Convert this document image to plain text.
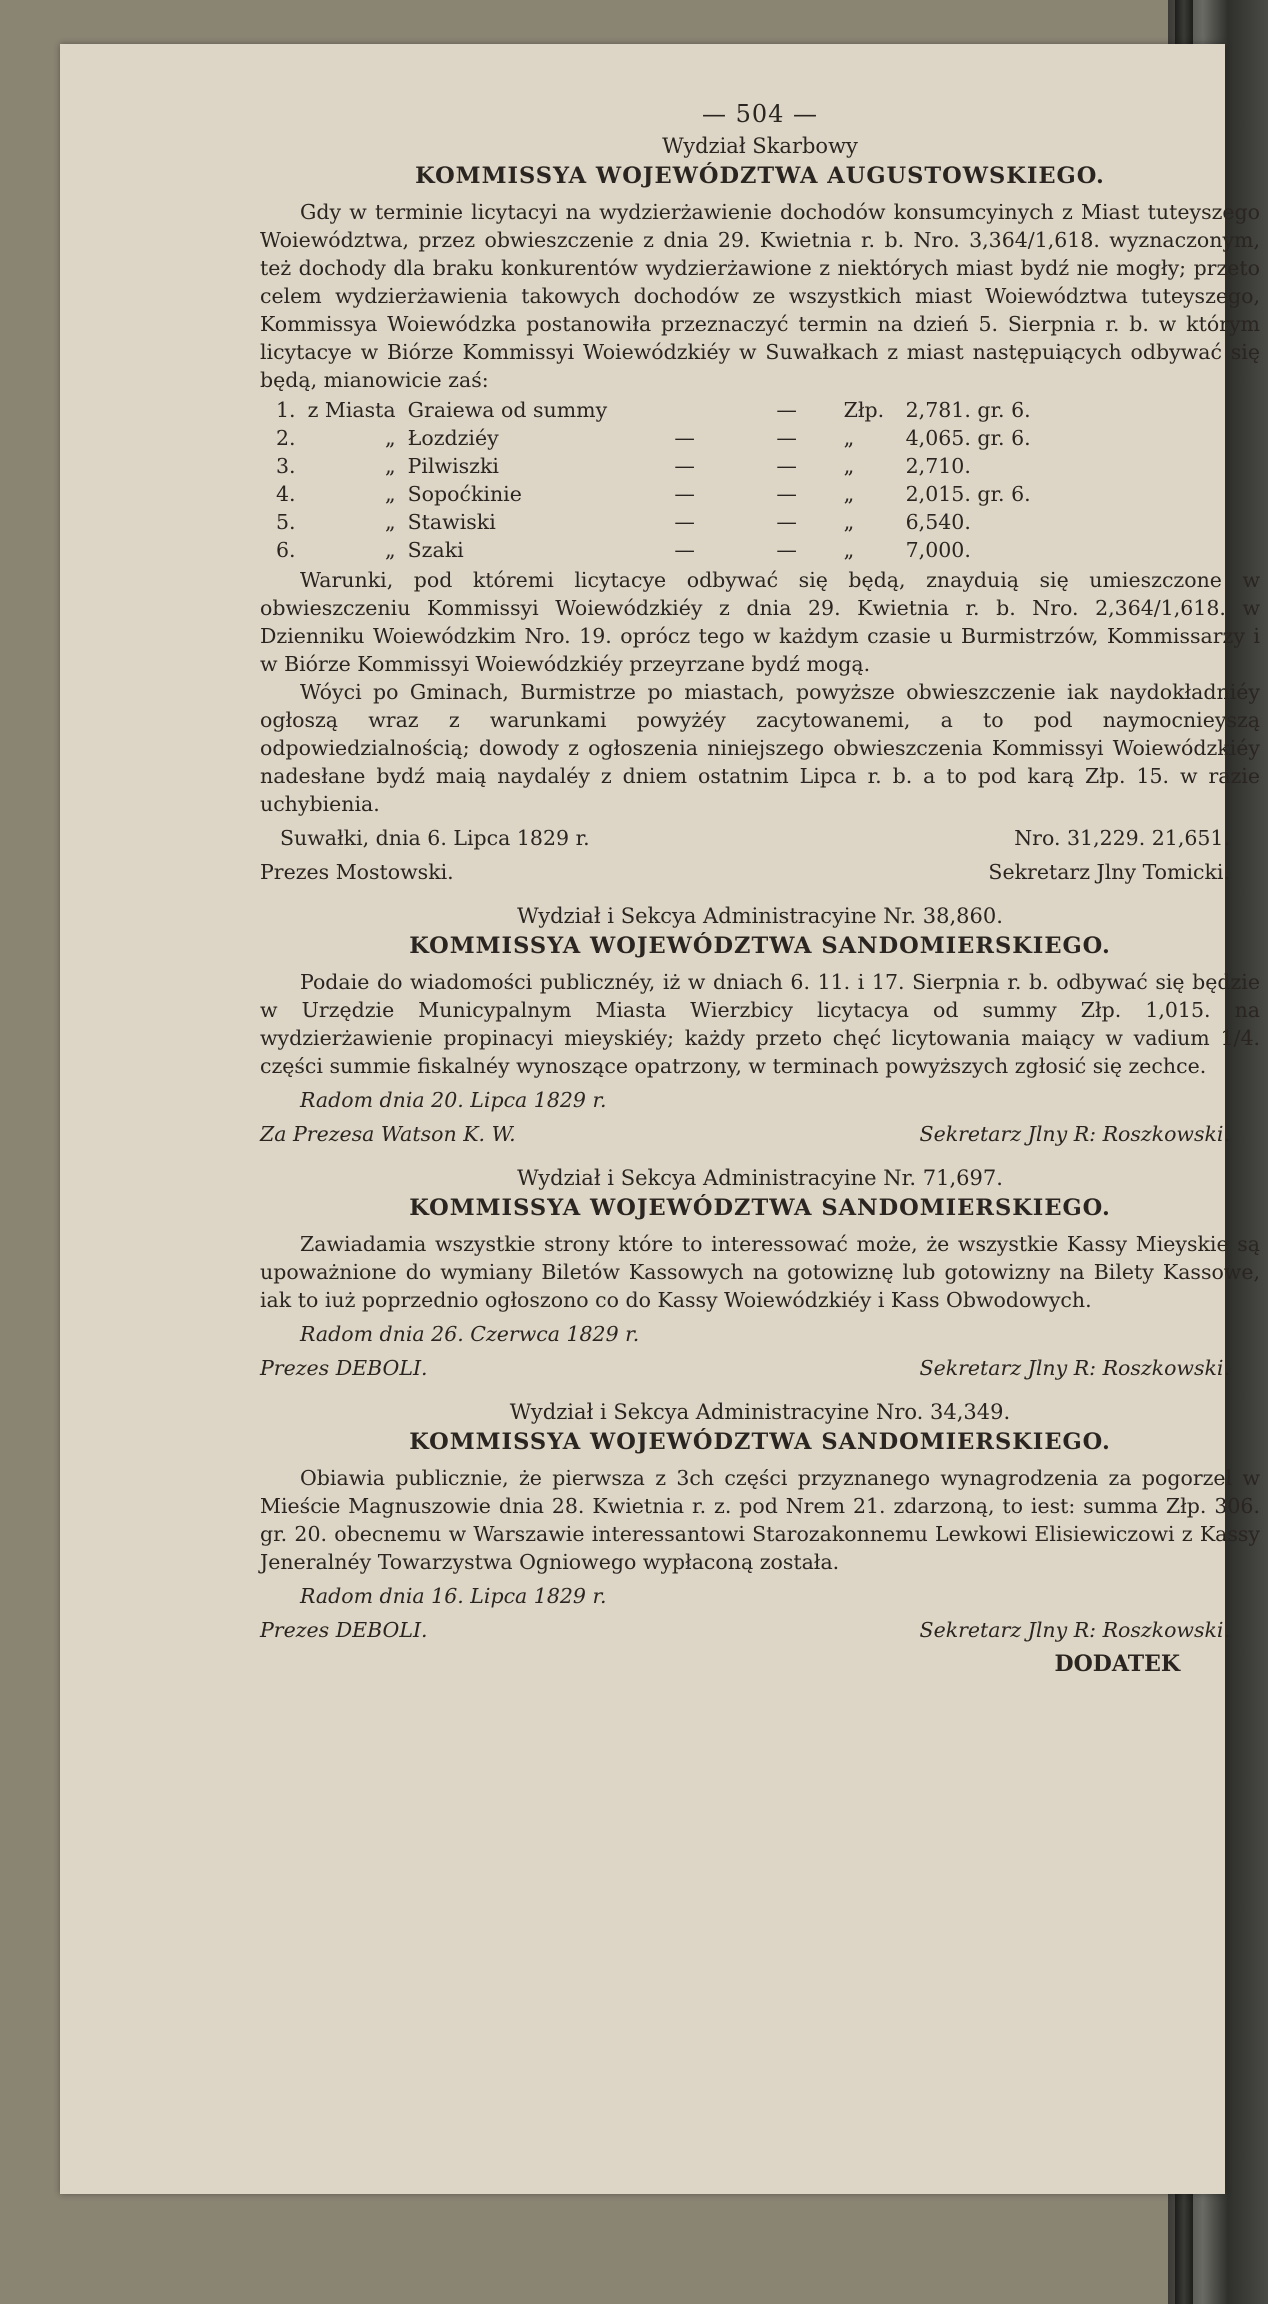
— 504 —
Wydział Skarbowy
KOMMISSYA WOJEWÓDZTWA AUGUSTOWSKIEGO.

Gdy w terminie licytacyi na wydzierżawienie dochodów konsumcyinych z Miast tuteyszego Woiewództwa, przez obwieszczenie z dnia 29. Kwietnia r. b. Nro. 3,364/1,618. wyznaczonym, też dochody dla braku konkurentów wydzierżawione z niektórych miast bydź nie mogły; przeto celem wydzierżawienia takowych dochodów ze wszystkich miast Woiewództwa tuteyszego, Kommissya Woiewódzka postanowiła przeznaczyć termin na dzień 5. Sierpnia r. b. w którym licytacye w Biórze Kommissyi Woiewódzkiéy w Suwałkach z miast następuiących odbywać się będą, mianowicie zaś:

1.	z Miasta	Graiewa od summy		—	Złp.	2,781. gr. 6.
2.	„	Łozdziéy	—	—	„	4,065. gr. 6.
3.	„	Pilwiszki	—	—	„	2,710.
4.	„	Sopoćkinie	—	—	„	2,015. gr. 6.
5.	„	Stawiski	—	—	„	6,540.
6.	„	Szaki	—	—	„	7,000.

Warunki, pod któremi licytacye odbywać się będą, znayduią się umieszczone w obwieszczeniu Kommissyi Woiewódzkiéy z dnia 29. Kwietnia r. b. Nro. 2,364/1,618. w Dzienniku Woiewódzkim Nro. 19. oprócz tego w każdym czasie u Burmistrzów, Kommissarzy i w Biórze Kommissyi Woiewódzkiéy przeyrzane bydź mogą.

Wóyci po Gminach, Burmistrze po miastach, powyższe obwieszczenie iak naydokładniéy ogłoszą wraz z warunkami powyżéy zacytowanemi, a to pod naymocnieyszą odpowiedzialnością; dowody z ogłoszenia niniejszego obwieszczenia Kommissyi Woiewódzkiéy nadesłane bydź maią naydaléy z dniem ostatnim Lipca r. b. a to pod karą Złp. 15. w razie uchybienia.

Suwałki, dnia 6. Lipca 1829 r.	Nro. 31,229. 21,651.
Prezes Mostowski.	Sekretarz Jlny Tomicki.
Wydział i Sekcya Administracyine Nr. 38,860.
KOMMISSYA WOJEWÓDZTWA SANDOMIERSKIEGO.

Podaie do wiadomości publicznéy, iż w dniach 6. 11. i 17. Sierpnia r. b. odbywać się będzie w Urzędzie Municypalnym Miasta Wierzbicy licytacya od summy Złp. 1,015. na wydzierżawienie propinacyi mieyskiéy; każdy przeto chęć licytowania maiący w vadium 1/4. części summie fiskalnéy wynoszące opatrzony, w terminach powyższych zgłosić się zechce.

Radom dnia 20. Lipca 1829 r.
Za Prezesa Watson K. W.	Sekretarz Jlny R: Roszkowski.
Wydział i Sekcya Administracyine Nr. 71,697.
KOMMISSYA WOJEWÓDZTWA SANDOMIERSKIEGO.

Zawiadamia wszystkie strony które to interessować może, że wszystkie Kassy Mieyskie są upoważnione do wymiany Biletów Kassowych na gotowiznę lub gotowizny na Bilety Kassowe, iak to iuż poprzednio ogłoszono co do Kassy Woiewódzkiéy i Kass Obwodowych.

Radom dnia 26. Czerwca 1829 r.
Prezes DEBOLI.	Sekretarz Jlny R: Roszkowski.
Wydział i Sekcya Administracyine Nro. 34,349.
KOMMISSYA WOJEWÓDZTWA SANDOMIERSKIEGO.

Obiawia publicznie, że pierwsza z 3ch części przyznanego wynagrodzenia za pogorzel w Mieście Magnuszowie dnia 28. Kwietnia r. z. pod Nrem 21. zdarzoną, to iest: summa Złp. 306. gr. 20. obecnemu w Warszawie interessantowi Starozakonnemu Lewkowi Elisiewiczowi z Kassy Jeneralnéy Towarzystwa Ogniowego wypłaconą została.

Radom dnia 16. Lipca 1829 r.
Prezes DEBOLI.	Sekretarz Jlny R: Roszkowski.
DODATEK
